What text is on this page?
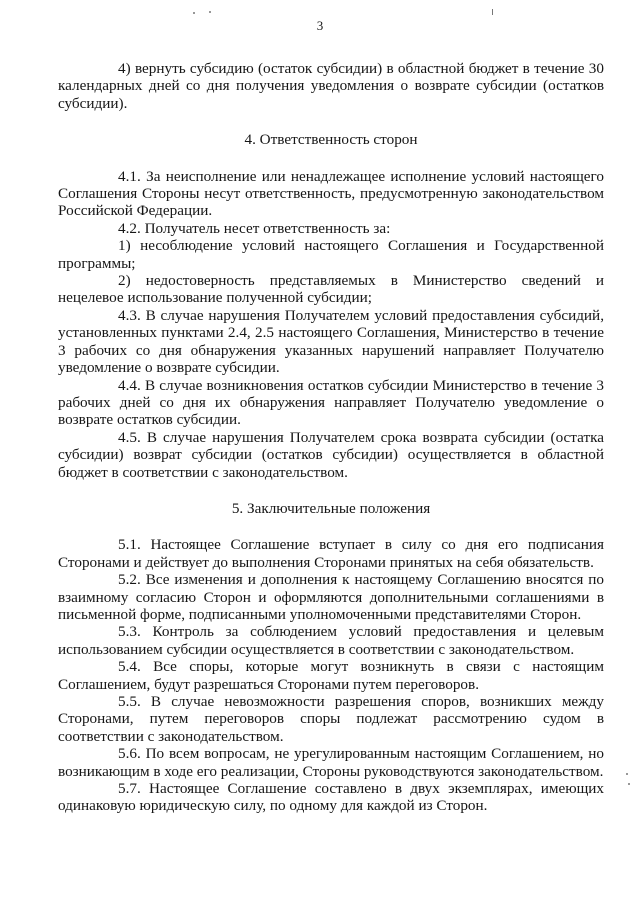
3

4) вернуть субсидию (остаток субсидии) в областной бюджет в течение 30 календарных дней со дня получения уведомления о возврате субсидии (остатков субсидии).

4. Ответственность сторон

4.1. За неисполнение или ненадлежащее исполнение условий настоящего Соглашения Стороны несут ответственность, предусмотренную законодательством Российской Федерации.

4.2. Получатель несет ответственность за:

1) несоблюдение условий настоящего Соглашения и Государственной программы;

2) недостоверность представляемых в Министерство сведений и нецелевое использование полученной субсидии;

4.3. В случае нарушения Получателем условий предоставления субсидий, установленных пунктами 2.4, 2.5 настоящего Соглашения, Министерство в течение 3 рабочих со дня обнаружения указанных нарушений направляет Получателю уведомление о возврате субсидии.

4.4. В случае возникновения остатков субсидии Министерство в течение 3 рабочих дней со дня их обнаружения направляет Получателю уведомление о возврате остатков субсидии.

4.5. В случае нарушения Получателем срока возврата субсидии (остатка субсидии) возврат субсидии (остатков субсидии) осуществляется в областной бюджет в соответствии с законодательством.

5. Заключительные положения

5.1. Настоящее Соглашение вступает в силу со дня его подписания Сторонами и действует до выполнения Сторонами принятых на себя обязательств.

5.2. Все изменения и дополнения к настоящему Соглашению вносятся по взаимному согласию Сторон и оформляются дополнительными соглашениями в письменной форме, подписанными уполномоченными представителями Сторон.

5.3. Контроль за соблюдением условий предоставления и целевым использованием субсидии осуществляется в соответствии с законодательством.

5.4. Все споры, которые могут возникнуть в связи с настоящим Соглашением, будут разрешаться Сторонами путем переговоров.

5.5. В случае невозможности разрешения споров, возникших между Сторонами, путем переговоров споры подлежат рассмотрению судом в соответствии с законодательством.

5.6. По всем вопросам, не урегулированным настоящим Соглашением, но возникающим в ходе его реализации, Стороны руководствуются законодательством.

5.7. Настоящее Соглашение составлено в двух экземплярах, имеющих одинаковую юридическую силу, по одному для каждой из Сторон.
